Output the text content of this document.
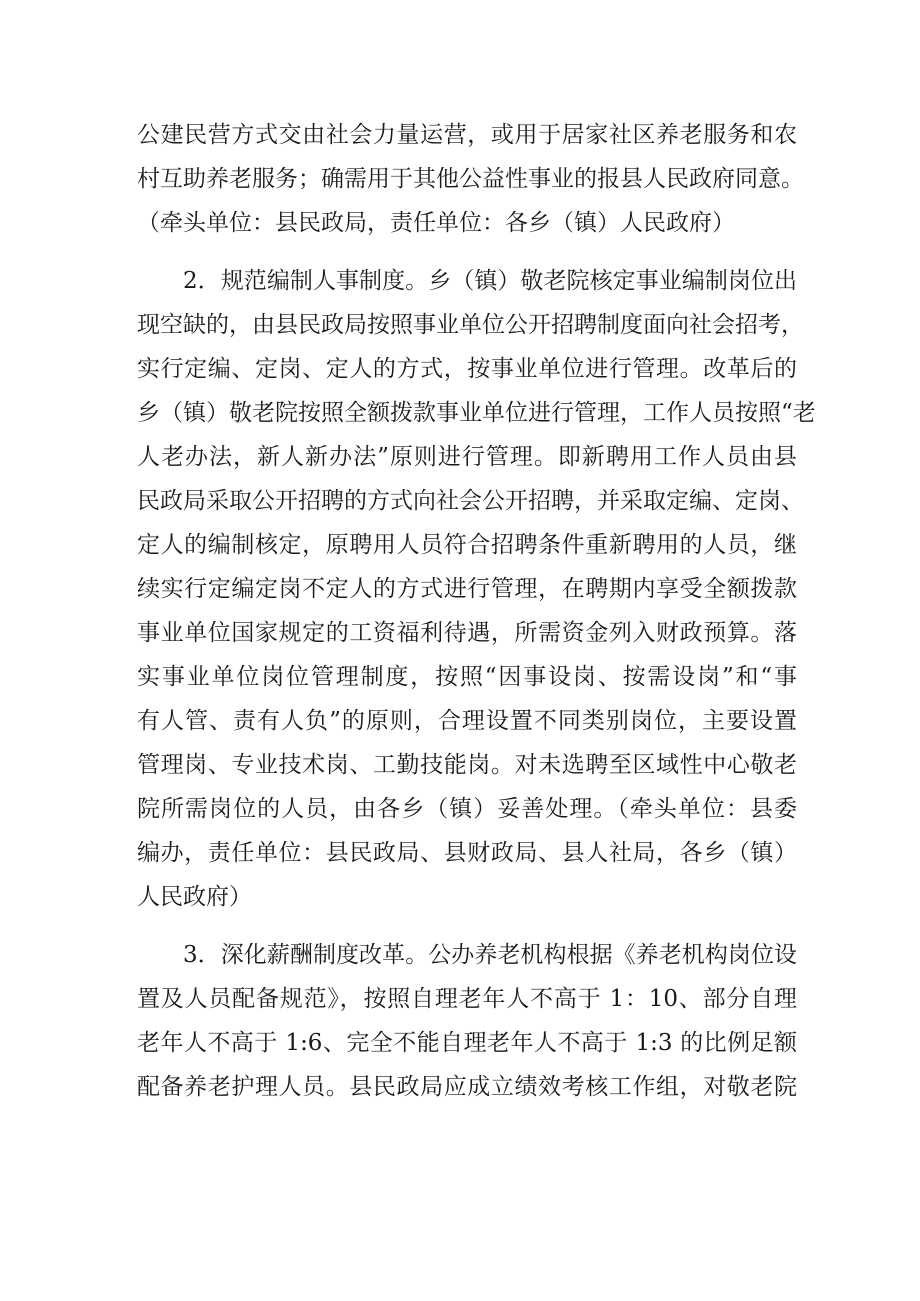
公建民营方式交由社会力量运营，或用于居家社区养老服务和农
村互助养老服务；确需用于其他公益性事业的报县人民政府同意。
（牵头单位：县民政局，责任单位：各乡（镇）人民政府）
2．规范编制人事制度。乡（镇）敬老院核定事业编制岗位出
现空缺的，由县民政局按照事业单位公开招聘制度面向社会招考，
实行定编、定岗、定人的方式，按事业单位进行管理。改革后的
乡（镇）敬老院按照全额拨款事业单位进行管理，工作人员按照“老
人老办法，新人新办法”原则进行管理。即新聘用工作人员由县
民政局采取公开招聘的方式向社会公开招聘，并采取定编、定岗、
定人的编制核定，原聘用人员符合招聘条件重新聘用的人员，继
续实行定编定岗不定人的方式进行管理，在聘期内享受全额拨款
事业单位国家规定的工资福利待遇，所需资金列入财政预算。落
实事业单位岗位管理制度，按照“因事设岗、按需设岗”和“事
有人管、责有人负”的原则，合理设置不同类别岗位，主要设置
管理岗、专业技术岗、工勤技能岗。对未选聘至区域性中心敬老
院所需岗位的人员，由各乡（镇）妥善处理。（牵头单位：县委
编办，责任单位：县民政局、县财政局、县人社局，各乡（镇）
人民政府）
3．深化薪酬制度改革。公办养老机构根据《养老机构岗位设
置及人员配备规范》，按照自理老年人不高于 1：10、部分自理
老年人不高于 1:6、完全不能自理老年人不高于 1:3 的比例足额
配备养老护理人员。县民政局应成立绩效考核工作组，对敬老院
